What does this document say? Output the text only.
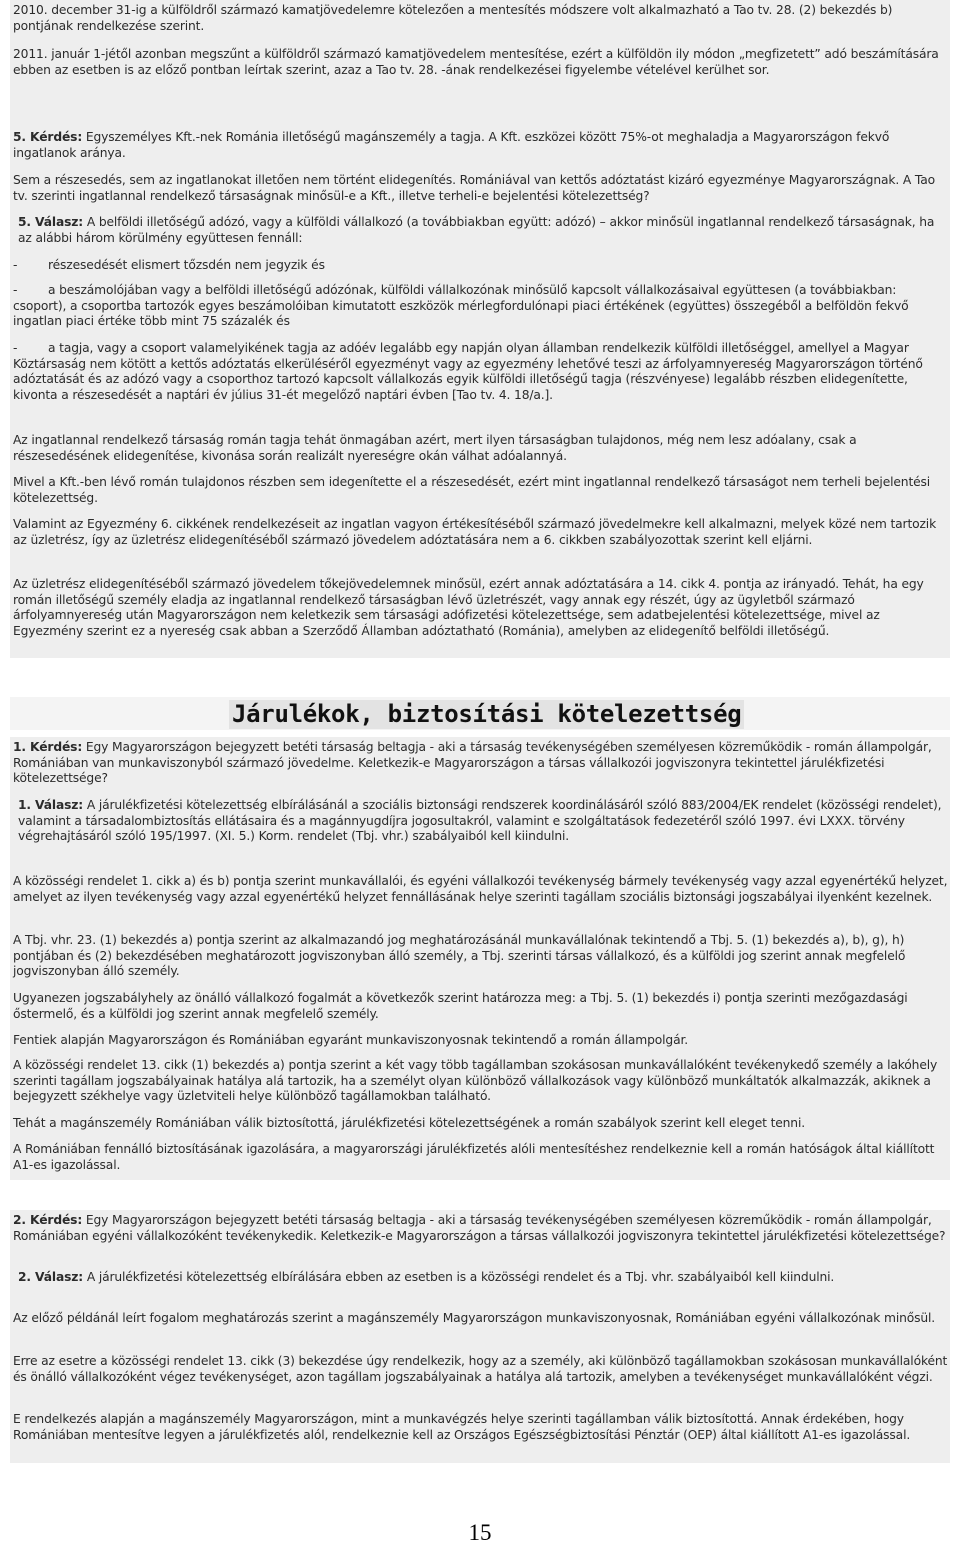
2010. december 31-ig a külföldről származó kamatjövedelemre kötelezően a mentesítés módszere volt alkalmazható a Tao tv. 28. (2) bekezdés b) pontjának rendelkezése szerint.

2011. január 1-jétől azonban megszűnt a külföldről származó kamatjövedelem mentesítése, ezért a külföldön ily módon „megfizetett” adó beszámítására ebben az esetben is az előző pontban leírtak szerint, azaz a Tao tv. 28. -ának rendelkezései figyelembe vételével kerülhet sor.

5. Kérdés: Egyszemélyes Kft.-nek Románia illetőségű magánszemély a tagja. A Kft. eszközei között 75%-ot meghaladja a Magyarországon fekvő ingatlanok aránya.

Sem a részesedés, sem az ingatlanokat illetően nem történt elidegenítés. Romániával van kettős adóztatást kizáró egyezménye Magyarországnak. A Tao tv. szerinti ingatlannal rendelkező társaságnak minősül-e a Kft., illetve terheli-e bejelentési kötelezettség?

5. Válasz: A belföldi illetőségű adózó, vagy a külföldi vállalkozó (a továbbiakban együtt: adózó) – akkor minősül ingatlannal rendelkező társaságnak, ha az alábbi három körülmény együttesen fennáll:

-	részesedését elismert tőzsdén nem jegyzik és

- a beszámolójában vagy a belföldi illetőségű adózónak, külföldi vállalkozónak minősülő kapcsolt vállalkozásaival együttesen (a továbbiakban: csoport), a csoportba tartozók egyes beszámolóiban kimutatott eszközök mérlegfordulónapi piaci értékének (együttes) összegéből a belföldön fekvő ingatlan piaci értéke több mint 75 százalék és

- a tagja, vagy a csoport valamelyikének tagja az adóév legalább egy napján olyan államban rendelkezik külföldi illetőséggel, amellyel a Magyar Köztársaság nem kötött a kettős adóztatás elkerüléséről egyezményt vagy az egyezmény lehetővé teszi az árfolyamnyereség Magyarországon történő adóztatását és az adózó vagy a csoporthoz tartozó kapcsolt vállalkozás egyik külföldi illetőségű tagja (részvényese) legalább részben elidegenítette, kivonta a részesedését a naptári év július 31-ét megelőző naptári évben [Tao tv. 4. 18/a.].

Az ingatlannal rendelkező társaság román tagja tehát önmagában azért, mert ilyen társaságban tulajdonos, még nem lesz adóalany, csak a részesedésének elidegenítése, kivonása során realizált nyereségre okán válhat adóalannyá.

Mivel a Kft.-ben lévő román tulajdonos részben sem idegenítette el a részesedését, ezért mint ingatlannal rendelkező társaságot nem terheli bejelentési kötelezettség.

Valamint az Egyezmény 6. cikkének rendelkezéseit az ingatlan vagyon értékesítéséből származó jövedelmekre kell alkalmazni, melyek közé nem tartozik az üzletrész, így az üzletrész elidegenítéséből származó jövedelem adóztatására nem a 6. cikkben szabályozottak szerint kell eljárni.

Az üzletrész elidegenítéséből származó jövedelem tőkejövedelemnek minősül, ezért annak adóztatására a 14. cikk 4. pontja az irányadó. Tehát, ha egy román illetőségű személy eladja az ingatlannal rendelkező társaságban lévő üzletrészét, vagy annak egy részét, úgy az ügyletből származó árfolyamnyereség után Magyarországon nem keletkezik sem társasági adófizetési kötelezettsége, sem adatbejelentési kötelezettsége, mivel az Egyezmény szerint ez a nyereség csak abban a Szerződő Államban adóztatható (Románia), amelyben az elidegenítő belföldi illetőségű.

Járulékok, biztosítási kötelezettség

1. Kérdés: Egy Magyarországon bejegyzett betéti társaság beltagja - aki a társaság tevékenységében személyesen közreműködik - román állampolgár, Romániában van munkaviszonyból származó jövedelme. Keletkezik-e Magyarországon a társas vállalkozói jogviszonyra tekintettel járulékfizetési kötelezettsége?

1. Válasz: A járulékfizetési kötelezettség elbírálásánál a szociális biztonsági rendszerek koordinálásáról szóló 883/2004/EK rendelet (közösségi rendelet), valamint a társadalombiztosítás ellátásaira és a magánnyugdíjra jogosultakról, valamint e szolgáltatások fedezetéről szóló 1997. évi LXXX. törvény végrehajtásáról szóló 195/1997. (XI. 5.) Korm. rendelet (Tbj. vhr.) szabályaiból kell kiindulni.

A közösségi rendelet 1. cikk a) és b) pontja szerint munkavállalói, és egyéni vállalkozói tevékenység bármely tevékenység vagy azzal egyenértékű helyzet, amelyet az ilyen tevékenység vagy azzal egyenértékű helyzet fennállásának helye szerinti tagállam szociális biztonsági jogszabályai ilyenként kezelnek.

A Tbj. vhr. 23. (1) bekezdés a) pontja szerint az alkalmazandó jog meghatározásánál munkavállalónak tekintendő a Tbj. 5. (1) bekezdés a), b), g), h) pontjában és (2) bekezdésében meghatározott jogviszonyban álló személy, a Tbj. szerinti társas vállalkozó, és a külföldi jog szerint annak megfelelő jogviszonyban álló személy.

Ugyanezen jogszabályhely az önálló vállalkozó fogalmát a következők szerint határozza meg: a Tbj. 5. (1) bekezdés i) pontja szerinti mezőgazdasági őstermelő, és a külföldi jog szerint annak megfelelő személy.

Fentiek alapján Magyarországon és Romániában egyaránt munkaviszonyosnak tekintendő a román állampolgár.

A közösségi rendelet 13. cikk (1) bekezdés a) pontja szerint a két vagy több tagállamban szokásosan munkavállalóként tevékenykedő személy a lakóhely szerinti tagállam jogszabályainak hatálya alá tartozik, ha a személyt olyan különböző vállalkozások vagy különböző munkáltatók alkalmazzák, akiknek a bejegyzett székhelye vagy üzletviteli helye különböző tagállamokban található.

Tehát a magánszemély Romániában válik biztosítottá, járulékfizetési kötelezettségének a román szabályok szerint kell eleget tenni.

A Romániában fennálló biztosításának igazolására, a magyarországi járulékfizetés alóli mentesítéshez rendelkeznie kell a román hatóságok által kiállított A1-es igazolással.

2. Kérdés: Egy Magyarországon bejegyzett betéti társaság beltagja - aki a társaság tevékenységében személyesen közreműködik - román állampolgár, Romániában egyéni vállalkozóként tevékenykedik. Keletkezik-e Magyarországon a társas vállalkozói jogviszonyra tekintettel járulékfizetési kötelezettsége?

2. Válasz: A járulékfizetési kötelezettség elbírálására ebben az esetben is a közösségi rendelet és a Tbj. vhr. szabályaiból kell kiindulni.

Az előző példánál leírt fogalom meghatározás szerint a magánszemély Magyarországon munkaviszonyosnak, Romániában egyéni vállalkozónak minősül.

Erre az esetre a közösségi rendelet 13. cikk (3) bekezdése úgy rendelkezik, hogy az a személy, aki különböző tagállamokban szokásosan munkavállalóként és önálló vállalkozóként végez tevékenységet, azon tagállam jogszabályainak a hatálya alá tartozik, amelyben a tevékenységet munkavállalóként végzi.

E rendelkezés alapján a magánszemély Magyarországon, mint a munkavégzés helye szerinti tagállamban válik biztosítottá. Annak érdekében, hogy Romániában mentesítve legyen a járulékfizetés alól, rendelkeznie kell az Országos Egészségbiztosítási Pénztár (OEP) által kiállított A1-es igazolással.

15
